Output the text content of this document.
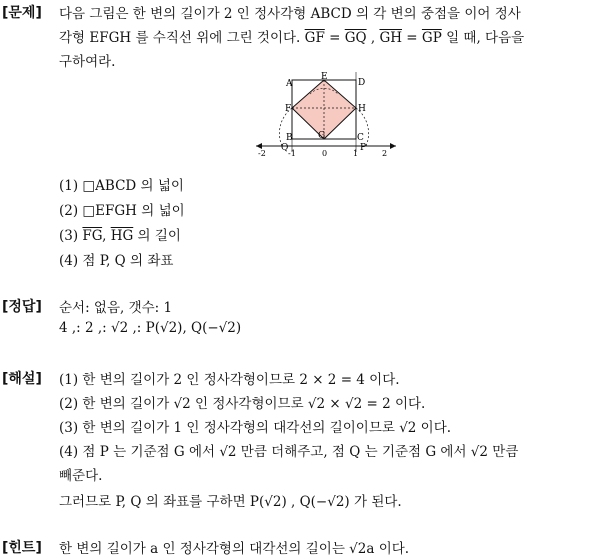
[문제] 다음 그림은 한 변의 길이가 2 인 정사각형 ABCD 의 각 변의 중점을 이어 정사
각형 EFGH 를 수직선 위에 그린 것이다. $\overline{GF} = \overline{GQ}$ , $\overline{GH} = \overline{GP}$ 일 때, 다음을
구하여라.
A
E
D
F	H
B	G	C
Q	P
-2	-1	0	1	2
(1) □ABCD 의 넓이
(2) □EFGH 의 넓이
(3) $\overline{FG}$, $\overline{HG}$ 의 길이
(4) 점 P, Q 의 좌표
[정답] 순서: 없음, 갯수: 1
4 ,: 2 ,: √2 ,: P(√2), Q(−√2)
[해설] (1) 한 변의 길이가 2 인 정사각형이므로 2 × 2 = 4 이다.
(2) 한 변의 길이가 √2 인 정사각형이므로 √2 × √2 = 2 이다.
(3) 한 변의 길이가 1 인 정사각형의 대각선의 길이이므로 √2 이다.
(4) 점 P 는 기준점 G 에서 √2 만큼 더해주고, 점 Q 는 기준점 G 에서 √2 만큼
빼준다.
그러므로 P, Q 의 좌표를 구하면 P(√2) , Q(−√2) 가 된다.
[힌트] 한 변의 길이가 a 인 정사각형의 대각선의 길이는 √2a 이다.
